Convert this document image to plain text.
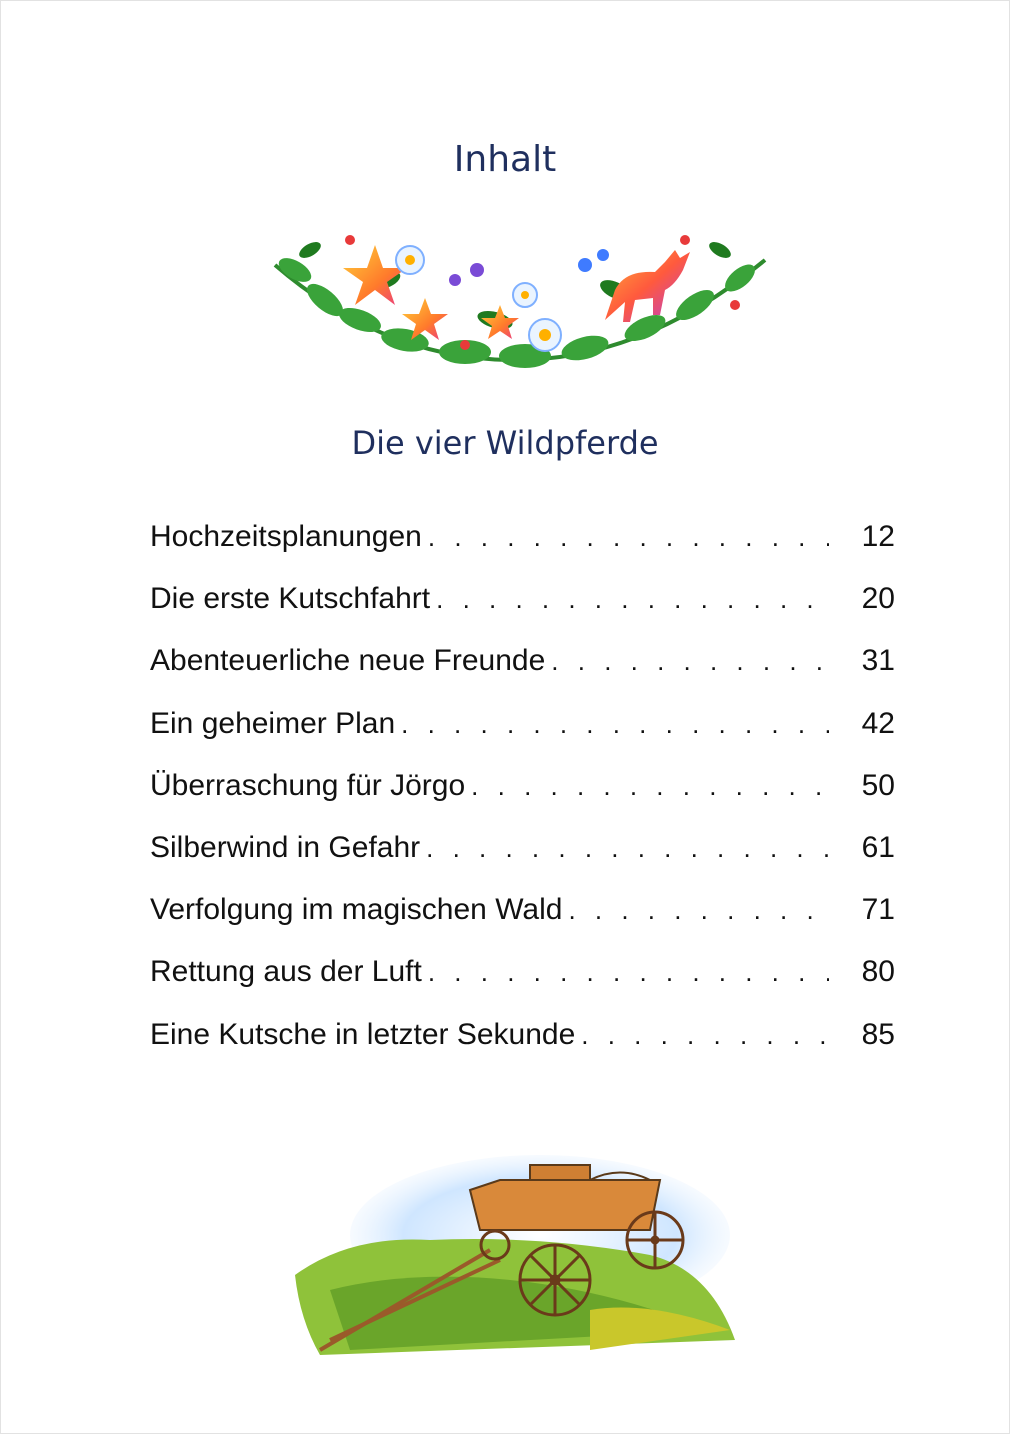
Inhalt
Die vier Wildpferde
Hochzeitsplanungen . . .	12
Die erste Kutschfahrt . . .	20
Abenteuerliche neue Freunde . . .	31
Ein geheimer Plan . . .	42
Überraschung für Jörgo . . .	50
Silberwind in Gefahr . . .	61
Verfolgung im magischen Wald . . .	71
Rettung aus der Luft . . .	80
Eine Kutsche in letzter Sekunde . . .	85
